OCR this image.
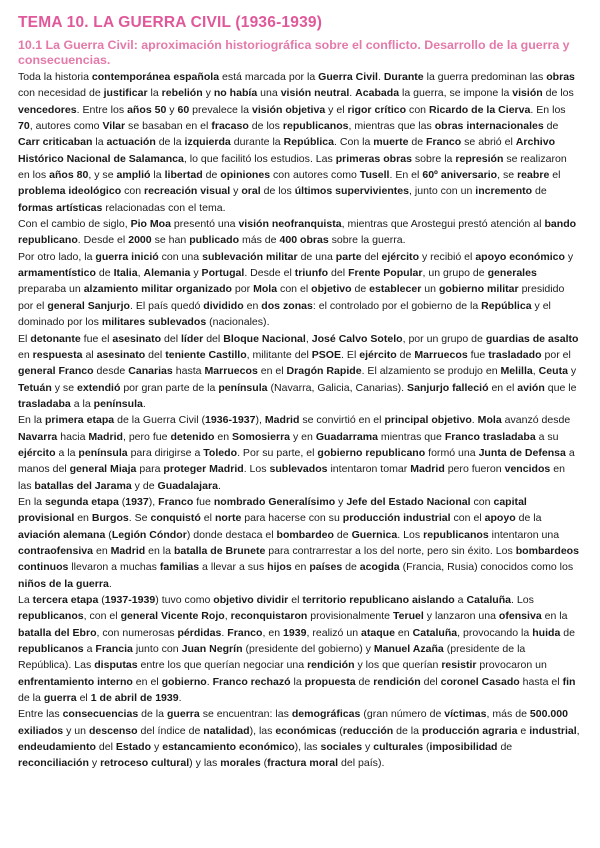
TEMA 10. LA GUERRA CIVIL (1936-1939)
10.1 La Guerra Civil: aproximación historiográfica sobre el conflicto. Desarrollo de la guerra y consecuencias.

Toda la historia contemporánea española está marcada por la Guerra Civil. Durante la guerra predominan las obras con necesidad de justificar la rebelión y no había una visión neutral. Acabada la guerra, se impone la visión de los vencedores. Entre los años 50 y 60 prevalece la visión objetiva y el rigor crítico con Ricardo de la Cierva. En los 70, autores como Vilar se basaban en el fracaso de los republicanos, mientras que las obras internacionales de Carr criticaban la actuación de la izquierda durante la República. Con la muerte de Franco se abrió el Archivo Histórico Nacional de Salamanca, lo que facilitó los estudios. Las primeras obras sobre la represión se realizaron en los años 80, y se amplió la libertad de opiniones con autores como Tusell. En el 60º aniversario, se reabre el problema ideológico con recreación visual y oral de los últimos supervivientes, junto con un incremento de formas artísticas relacionadas con el tema.

Con el cambio de siglo, Pio Moa presentó una visión neofranquista, mientras que Arostegui prestó atención al bando republicano. Desde el 2000 se han publicado más de 400 obras sobre la guerra.

Por otro lado, la guerra inició con una sublevación militar de una parte del ejército y recibió el apoyo económico y armamentístico de Italia, Alemania y Portugal. Desde el triunfo del Frente Popular, un grupo de generales preparaba un alzamiento militar organizado por Mola con el objetivo de establecer un gobierno militar presidido por el general Sanjurjo. El país quedó dividido en dos zonas: el controlado por el gobierno de la República y el dominado por los militares sublevados (nacionales).

El detonante fue el asesinato del líder del Bloque Nacional, José Calvo Sotelo, por un grupo de guardias de asalto en respuesta al asesinato del teniente Castillo, militante del PSOE. El ejército de Marruecos fue trasladado por el general Franco desde Canarias hasta Marruecos en el Dragón Rapide. El alzamiento se produjo en Melilla, Ceuta y Tetuán y se extendió por gran parte de la península (Navarra, Galicia, Canarias). Sanjurjo falleció en el avión que le trasladaba a la península.

En la primera etapa de la Guerra Civil (1936-1937), Madrid se convirtió en el principal objetivo. Mola avanzó desde Navarra hacia Madrid, pero fue detenido en Somosierra y en Guadarrama mientras que Franco trasladaba a su ejército a la península para dirigirse a Toledo. Por su parte, el gobierno republicano formó una Junta de Defensa a manos del general Miaja para proteger Madrid. Los sublevados intentaron tomar Madrid pero fueron vencidos en las batallas del Jarama y de Guadalajara.

En la segunda etapa (1937), Franco fue nombrado Generalísimo y Jefe del Estado Nacional con capital provisional en Burgos. Se conquistó el norte para hacerse con su producción industrial con el apoyo de la aviación alemana (Legión Cóndor) donde destaca el bombardeo de Guernica. Los republicanos intentaron una contraofensiva en Madrid en la batalla de Brunete para contrarrestar a los del norte, pero sin éxito. Los bombardeos continuos llevaron a muchas familias a llevar a sus hijos en países de acogida (Francia, Rusia) conocidos como los niños de la guerra.

La tercera etapa (1937-1939) tuvo como objetivo dividir el territorio republicano aislando a Cataluña. Los republicanos, con el general Vicente Rojo, reconquistaron provisionalmente Teruel y lanzaron una ofensiva en la batalla del Ebro, con numerosas pérdidas. Franco, en 1939, realizó un ataque en Cataluña, provocando la huida de republicanos a Francia junto con Juan Negrín (presidente del gobierno) y Manuel Azaña (presidente de la República). Las disputas entre los que querían negociar una rendición y los que querían resistir provocaron un enfrentamiento interno en el gobierno. Franco rechazó la propuesta de rendición del coronel Casado hasta el fin de la guerra el 1 de abril de 1939.

Entre las consecuencias de la guerra se encuentran: las demográficas (gran número de víctimas, más de 500.000 exiliados y un descenso del índice de natalidad), las económicas (reducción de la producción agraria e industrial, endeudamiento del Estado y estancamiento económico), las sociales y culturales (imposibilidad de reconciliación y retroceso cultural) y las morales (fractura moral del país).
